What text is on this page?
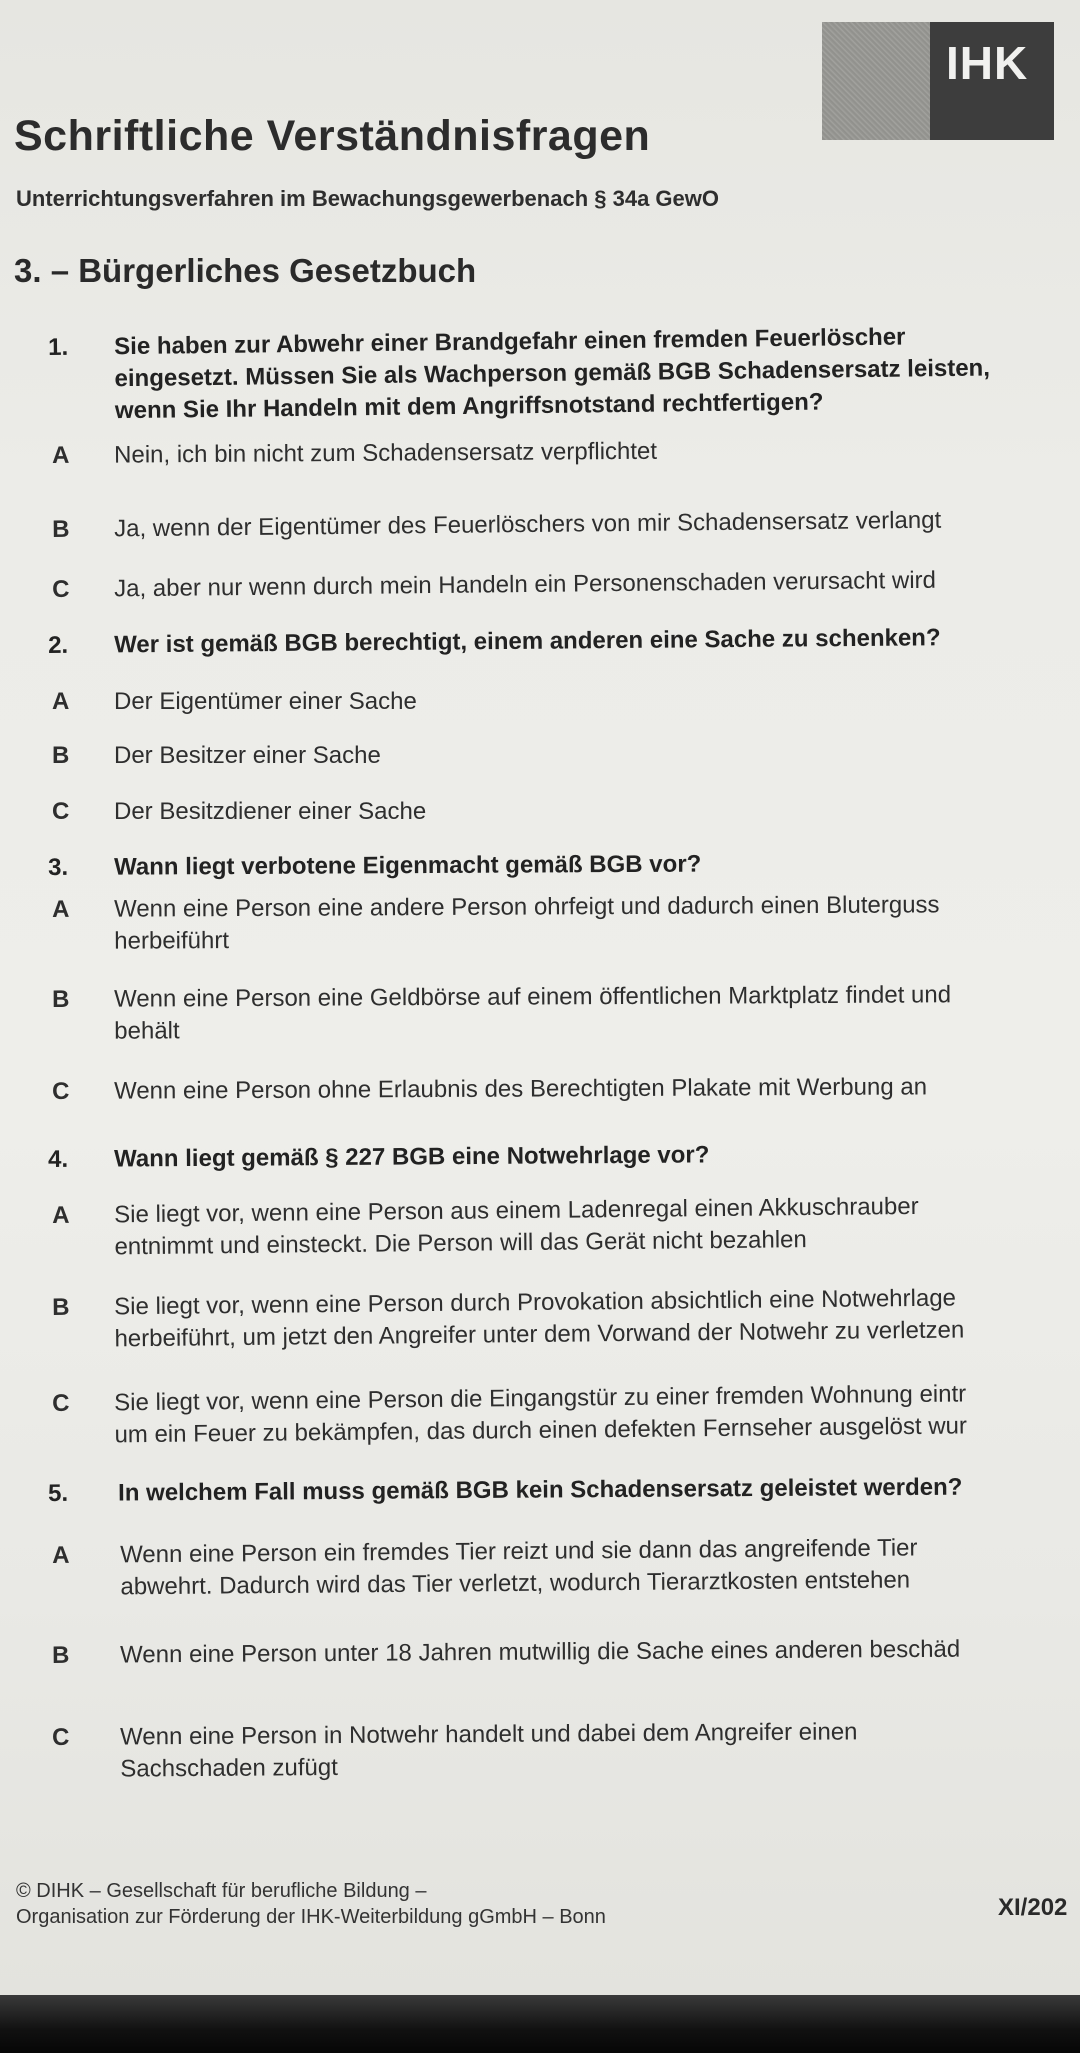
IHK
Schriftliche Verständnisfragen
Unterrichtungsverfahren im Bewachungsgewerbenach § 34a GewO
3. – Bürgerliches Gesetzbuch
1. Sie haben zur Abwehr einer Brandgefahr einen fremden Feuerlöscher
eingesetzt. Müssen Sie als Wachperson gemäß BGB Schadensersatz leisten,
wenn Sie Ihr Handeln mit dem Angriffsnotstand rechtfertigen?
A Nein, ich bin nicht zum Schadensersatz verpflichtet
B Ja, wenn der Eigentümer des Feuerlöschers von mir Schadensersatz verlangt
C Ja, aber nur wenn durch mein Handeln ein Personenschaden verursacht wird
2. Wer ist gemäß BGB berechtigt, einem anderen eine Sache zu schenken?
A Der Eigentümer einer Sache
B Der Besitzer einer Sache
C Der Besitzdiener einer Sache
3. Wann liegt verbotene Eigenmacht gemäß BGB vor?
A Wenn eine Person eine andere Person ohrfeigt und dadurch einen Bluterguss
herbeiführt
B Wenn eine Person eine Geldbörse auf einem öffentlichen Marktplatz findet und
behält
C Wenn eine Person ohne Erlaubnis des Berechtigten Plakate mit Werbung an
4. Wann liegt gemäß § 227 BGB eine Notwehrlage vor?
A Sie liegt vor, wenn eine Person aus einem Ladenregal einen Akkuschrauber
entnimmt und einsteckt. Die Person will das Gerät nicht bezahlen
B Sie liegt vor, wenn eine Person durch Provokation absichtlich eine Notwehrlage
herbeiführt, um jetzt den Angreifer unter dem Vorwand der Notwehr zu verletzen
C Sie liegt vor, wenn eine Person die Eingangstür zu einer fremden Wohnung eintr
um ein Feuer zu bekämpfen, das durch einen defekten Fernseher ausgelöst wur
5. In welchem Fall muss gemäß BGB kein Schadensersatz geleistet werden?
A Wenn eine Person ein fremdes Tier reizt und sie dann das angreifende Tier
abwehrt. Dadurch wird das Tier verletzt, wodurch Tierarztkosten entstehen
B Wenn eine Person unter 18 Jahren mutwillig die Sache eines anderen beschäd
C Wenn eine Person in Notwehr handelt und dabei dem Angreifer einen
Sachschaden zufügt
© DIHK – Gesellschaft für berufliche Bildung –
Organisation zur Förderung der IHK-Weiterbildung gGmbH – Bonn	XI/202
